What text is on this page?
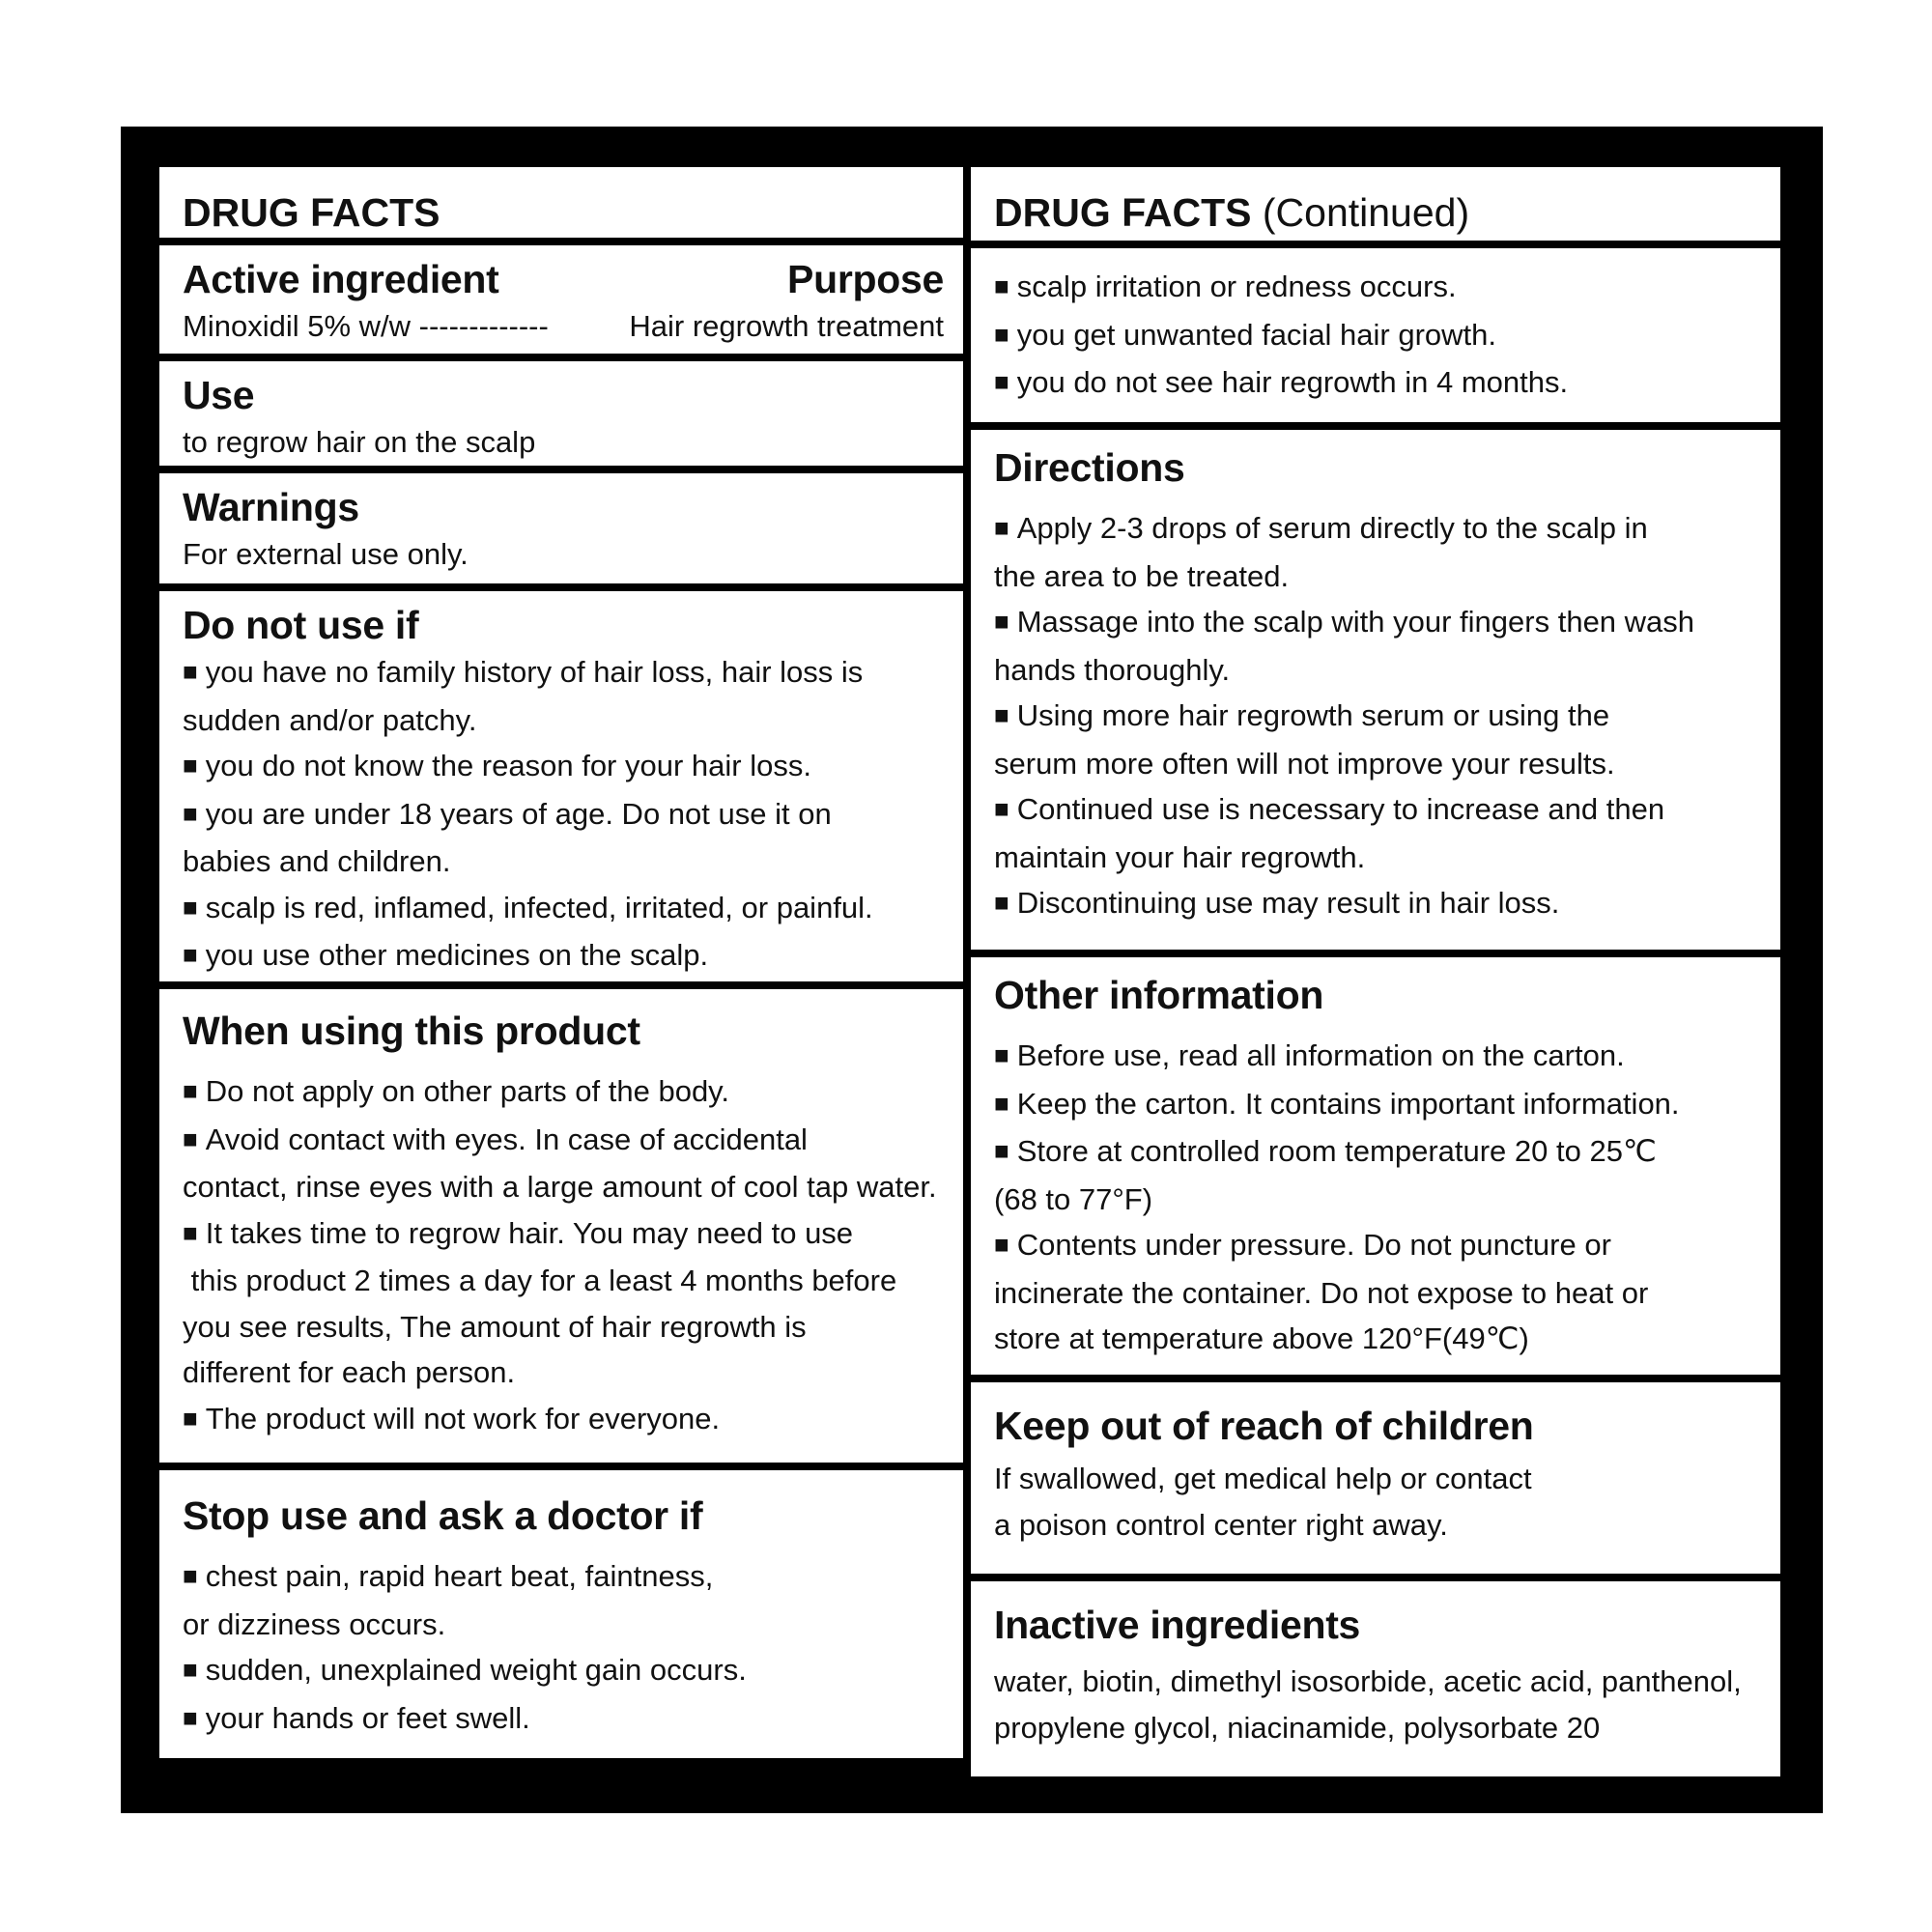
DRUG FACTS
Active ingredient	Purpose

Minoxidil 5% w/w -------------	Hair regrowth treatment

Use

to regrow hair on the scalp

Warnings

For external use only.

Do not use if

■ you have no family history of hair loss, hair loss is

sudden and/or patchy.

■ you do not know the reason for your hair loss.

■ you are under 18 years of age. Do not use it on

babies and children.

■ scalp is red, inflamed, infected, irritated, or painful.

■ you use other medicines on the scalp.

When using this product

■ Do not apply on other parts of the body.

■ Avoid contact with eyes. In case of accidental

contact, rinse eyes with a large amount of cool tap water.

■ It takes time to regrow hair. You may need to use

this product 2 times a day for a least 4 months before

you see results, The amount of hair regrowth is

different for each person.

■ The product will not work for everyone.

Stop use and ask a doctor if

■ chest pain, rapid heart beat, faintness,

or dizziness occurs.

■ sudden, unexplained weight gain occurs.

■ your hands or feet swell.

DRUG FACTS (Continued)

■ scalp irritation or redness occurs.

■ you get unwanted facial hair growth.

■ you do not see hair regrowth in 4 months.

Directions

■ Apply 2-3 drops of serum directly to the scalp in

the area to be treated.

■ Massage into the scalp with your fingers then wash

hands thoroughly.

■ Using more hair regrowth serum or using the

serum more often will not improve your results.

■ Continued use is necessary to increase and then

maintain your hair regrowth.

■ Discontinuing use may result in hair loss.

Other information

■ Before use, read all information on the carton.

■ Keep the carton. It contains important information.

■ Store at controlled room temperature 20 to 25℃

(68 to 77°F)

■ Contents under pressure. Do not puncture or

incinerate the container. Do not expose to heat or

store at temperature above 120°F(49℃)

Keep out of reach of children

If swallowed, get medical help or contact

a poison control center right away.

Inactive ingredients

water, biotin, dimethyl isosorbide, acetic acid, panthenol,

propylene glycol, niacinamide, polysorbate 20
